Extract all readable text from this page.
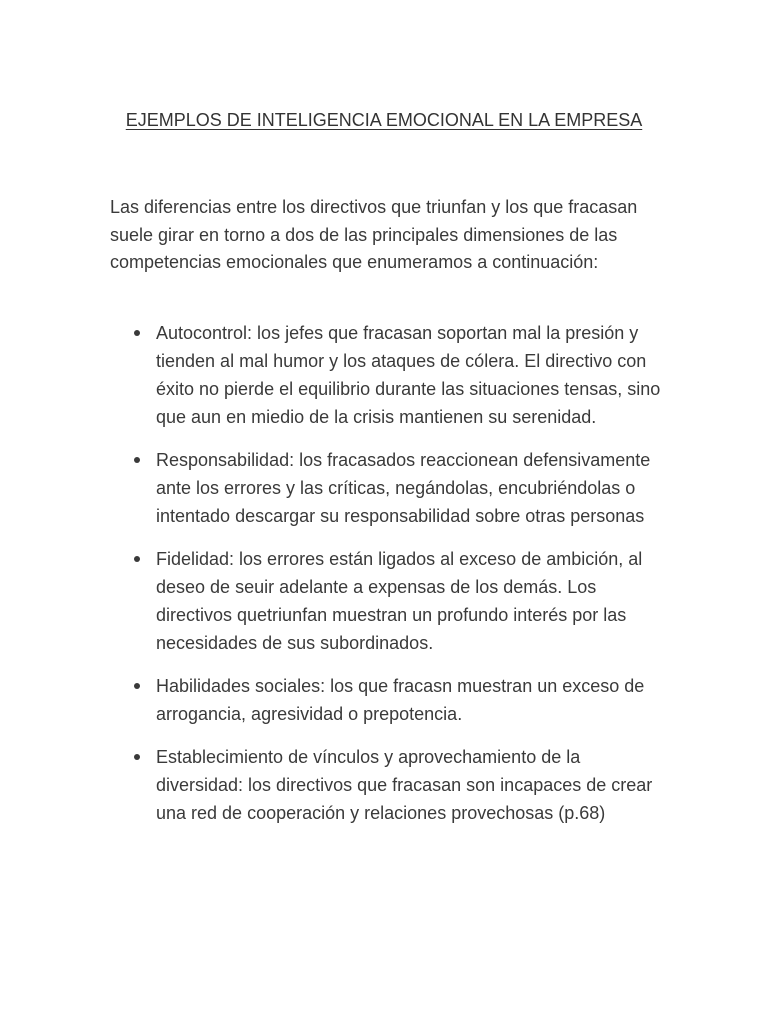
EJEMPLOS DE INTELIGENCIA EMOCIONAL EN LA EMPRESA

Las diferencias entre los directivos que triunfan y los que fracasan suele girar en torno a dos de las principales dimensiones de las competencias emocionales que enumeramos a continuación:

Autocontrol: los jefes que fracasan soportan mal la presión y tienden al mal humor y los ataques de cólera. El directivo con éxito no pierde el equilibrio durante las situaciones tensas, sino que aun en miedio de la crisis mantienen su serenidad.
Responsabilidad: los fracasados reaccionean defensivamente ante los errores y las críticas, negándolas, encubriéndolas o intentado descargar su responsabilidad sobre otras personas
Fidelidad: los errores están ligados al exceso de ambición, al deseo de seuir adelante a expensas de los demás. Los directivos quetriunfan muestran un profundo interés por las necesidades de sus subordinados.
Habilidades sociales: los que fracasn muestran un exceso de arrogancia, agresividad o prepotencia.
Establecimiento de vínculos y aprovechamiento de la diversidad: los directivos que fracasan son incapaces de crear una red de cooperación y relaciones provechosas (p.68)
